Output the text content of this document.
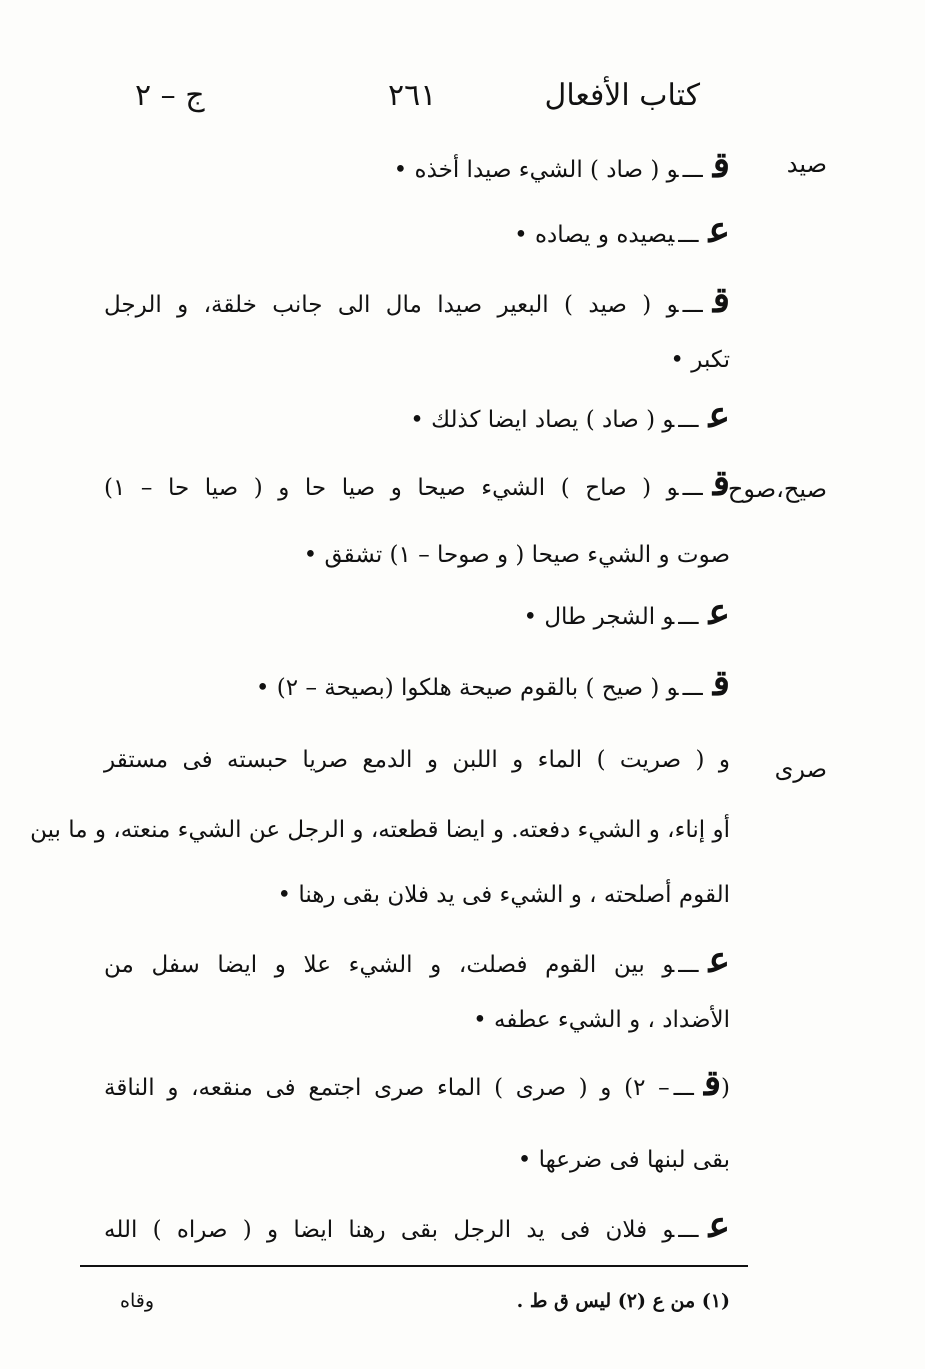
كتاب الأفعال
٢٦١
ج – ٢
صيد
صيح،صوح
صرى
قـــو ( صاد ) الشيء صيدا أخذه •
عـــيصيده و يصاده •
قـــو ( صيد ) البعير صيدا مال الى جانب خلقة، و الرجل
تكبر •
عـــو ( صاد ) يصاد ايضا كذلك •
قـــو ( صاح ) الشيء صيحا و صيا حا و ( صيا حا – ١)
صوت و الشيء صيحا ( و صوحا – ١) تشقق •
عـــو الشجر طال •
قـــو ( صيح ) بالقوم صيحة هلكوا (بصيحة – ٢) •
و ( صريت ) الماء و اللبن و الدمع صريا حبسته فى مستقر
أو إناء، و الشيء دفعته. و ايضا قطعته، و الرجل عن الشيء منعته، و ما بين
القوم أصلحته ، و الشيء فى يد فلان بقى رهنا •
عـــو بين القوم فصلت، و الشيء علا و ايضا سفل من
الأضداد ، و الشيء عطفه •
(قـــ– ٢) و ( صرى ) الماء صرى اجتمع فى منقعه، و الناقة
بقى لبنها فى ضرعها •
عـــو فلان فى يد الرجل بقى رهنا ايضا و ( صراه ) الله
(١) من ع (٢) ليس ق ط .
وقاه
